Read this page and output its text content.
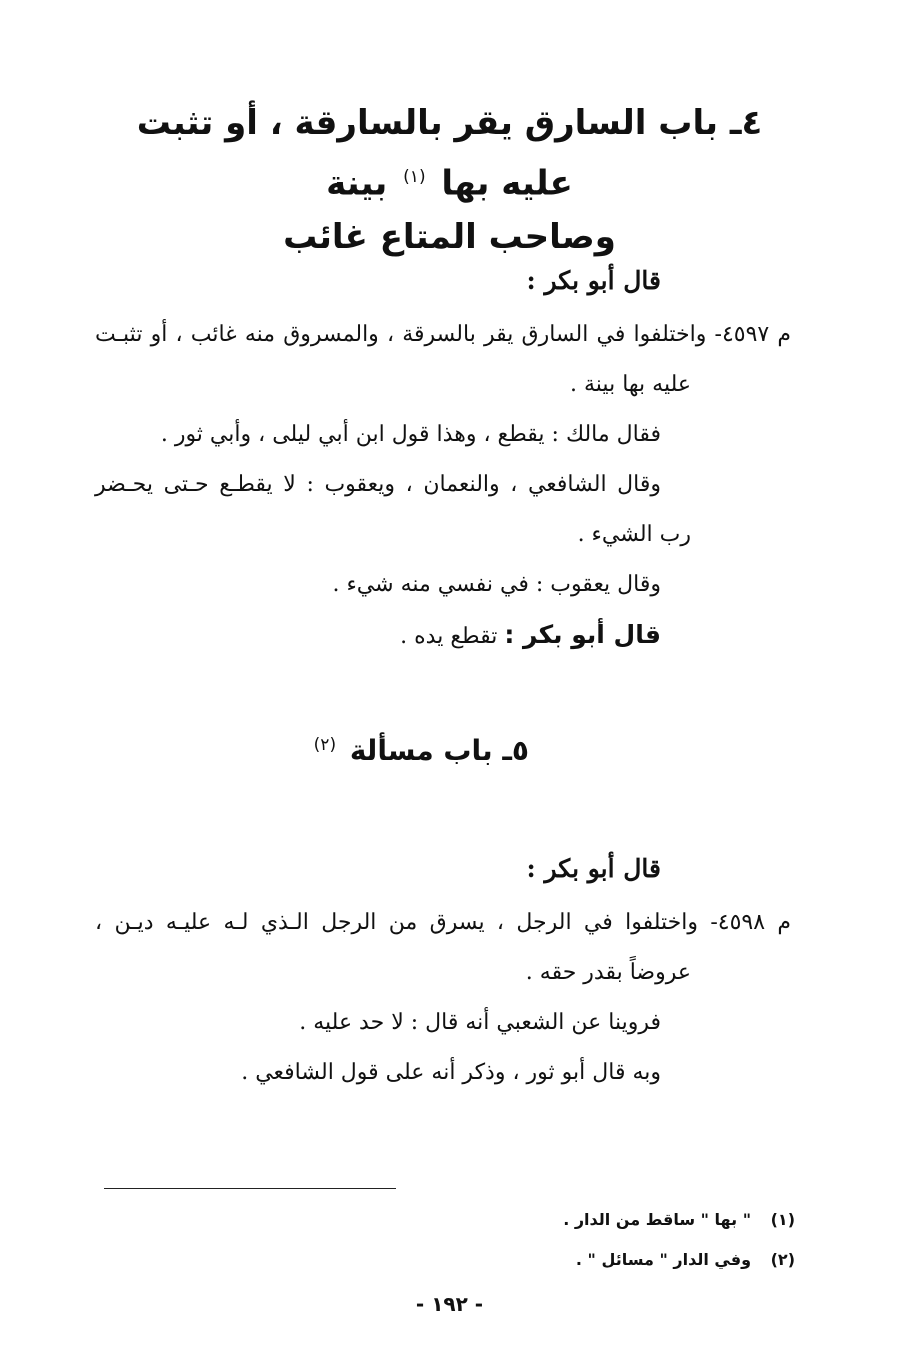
٤ـ باب السارق يقر بالسارقة ، أو تثبت عليه بها $^{(١)}$ بينة
وصاحب المتاع غائب
قال أبو بكر :
م ٤٥٩٧- واختلفوا في السارق يقر بالسرقة ، والمسروق منه غائب ، أو تثبـت
عليه بها بينة .
فقال مالك : يقطع ، وهذا قول ابن أبي ليلى ، وأبي ثور .
وقال الشافعي ، والنعمان ، ويعقوب : لا يقطـع حـتى يحـضر
رب الشيء .
وقال يعقوب : في نفسي منه شيء .
قال أبو بكر : تقطع يده .
٥ـ باب مسألة $^{(٢)}$
قال أبو بكر :
م ٤٥٩٨- واختلفوا في الرجل ، يسرق من الرجل الـذي لـه عليـه ديـن ،
عروضاً بقدر حقه .
فروينا عن الشعبي أنه قال : لا حد عليه .
وبه قال أبو ثور ، وذكر أنه على قول الشافعي .
(١) " بها " ساقط من الدار .
(٢) وفي الدار " مسائل " .
- ١٩٢ -
